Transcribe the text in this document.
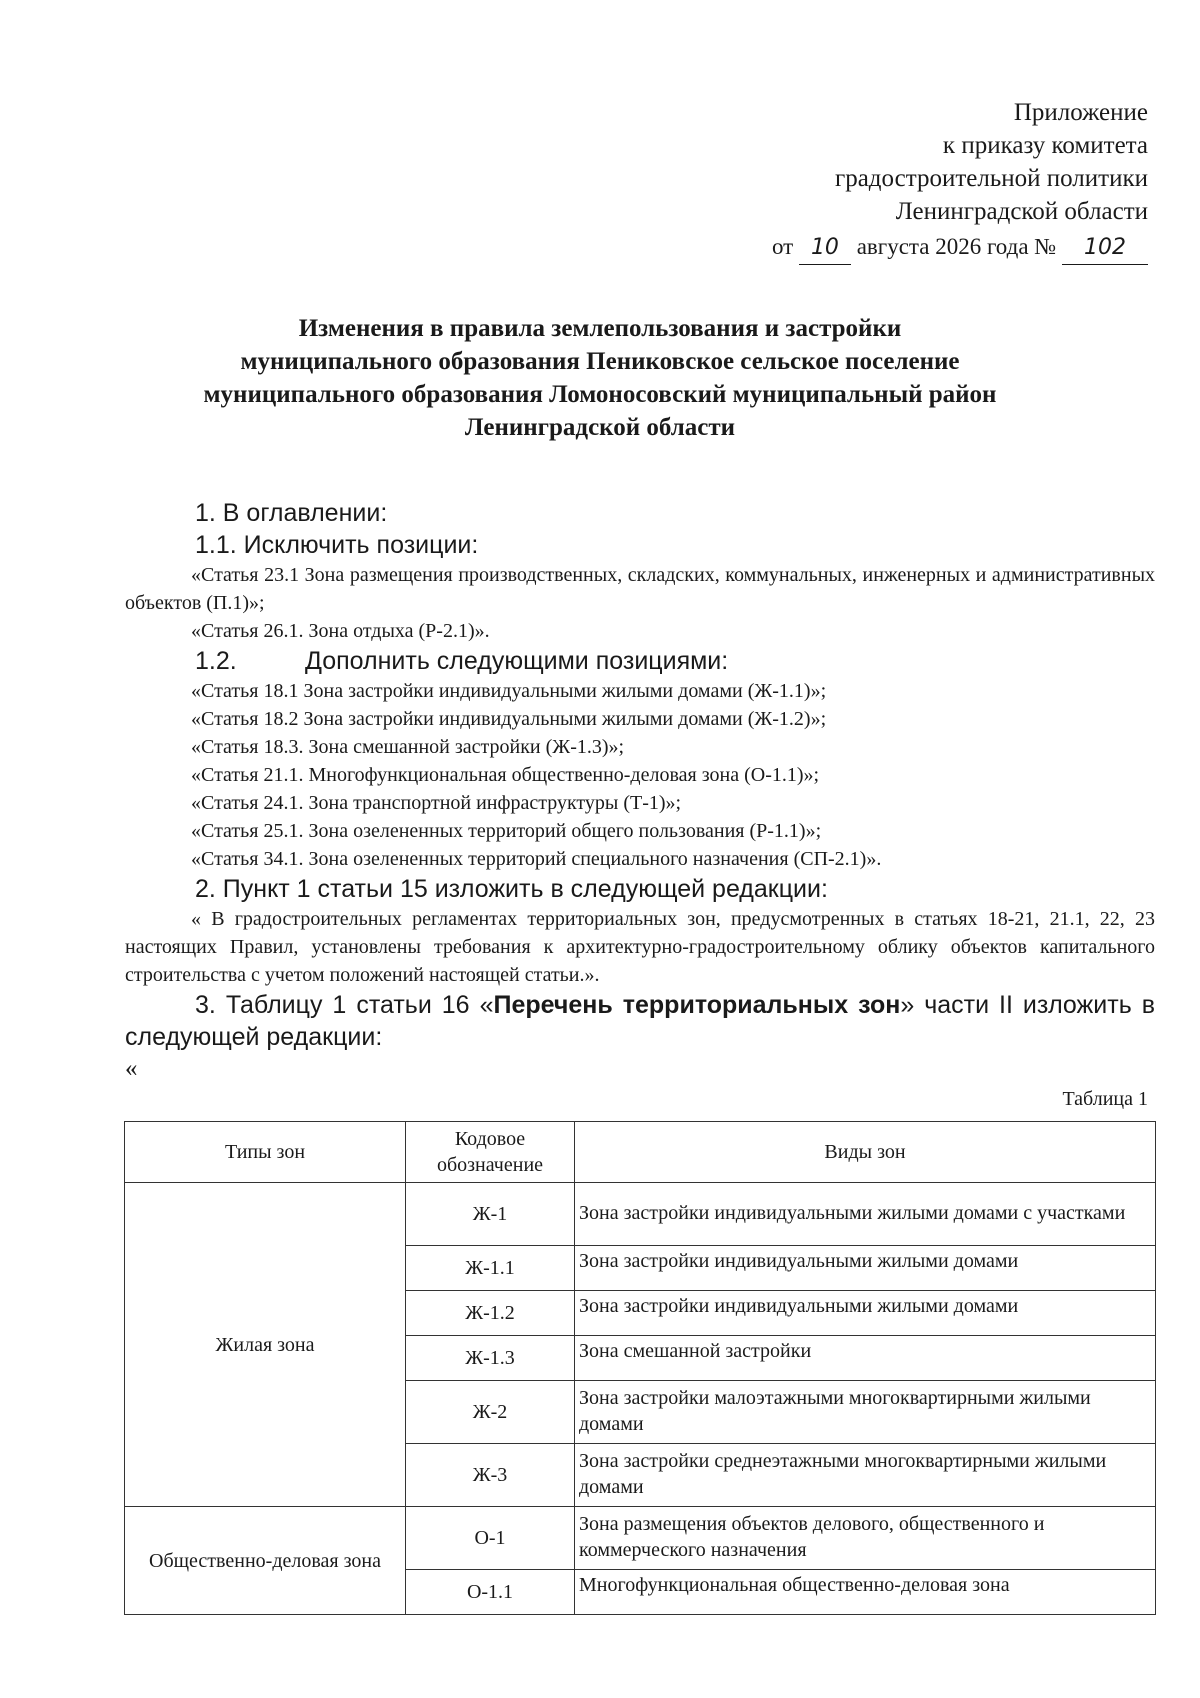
Приложение
к приказу комитета
градостроительной политики
Ленинградской области
от 10 августа 2026 года № 102
Изменения в правила землепользования и застройки
муниципального образования Пениковское сельское поселение
муниципального образования Ломоносовский муниципальный район
Ленинградской области

1. В оглавлении:

1.1. Исключить позиции:

«Статья 23.1 Зона размещения производственных, складских, коммунальных, инженерных и административных объектов (П.1)»;

«Статья 26.1. Зона отдыха (Р-2.1)».

1.2.	Дополнить следующими позициями:

«Статья 18.1 Зона застройки индивидуальными жилыми домами (Ж-1.1)»;

«Статья 18.2 Зона застройки индивидуальными жилыми домами (Ж-1.2)»;

«Статья 18.3. Зона смешанной застройки (Ж-1.3)»;

«Статья 21.1. Многофункциональная общественно-деловая зона (О-1.1)»;

«Статья 24.1. Зона транспортной инфраструктуры (Т-1)»;

«Статья 25.1. Зона озелененных территорий общего пользования (Р-1.1)»;

«Статья 34.1. Зона озелененных территорий специального назначения (СП-2.1)».

2. Пункт 1 статьи 15 изложить в следующей редакции:

« В градостроительных регламентах территориальных зон, предусмотренных в статьях 18-21, 21.1, 22, 23 настоящих Правил, установлены требования к архитектурно-градостроительному облику объектов капитального строительства с учетом положений настоящей статьи.».

3. Таблицу 1 статьи 16 «Перечень территориальных зон» части II изложить в следующей редакции:

«

Таблица 1
Типы зон	Кодовое обозначение	Виды зон
Жилая зона	Ж-1	Зона застройки индивидуальными жилыми домами с участками
	Ж-1.1	Зона застройки индивидуальными жилыми домами
	Ж-1.2	Зона застройки индивидуальными жилыми домами
	Ж-1.3	Зона смешанной застройки
	Ж-2	Зона застройки малоэтажными многоквартирными жилыми домами
	Ж-3	Зона застройки среднеэтажными многоквартирными жилыми домами
Общественно-деловая зона	О-1	Зона размещения объектов делового, общественного и коммерческого назначения
	О-1.1	Многофункциональная общественно-деловая зона
